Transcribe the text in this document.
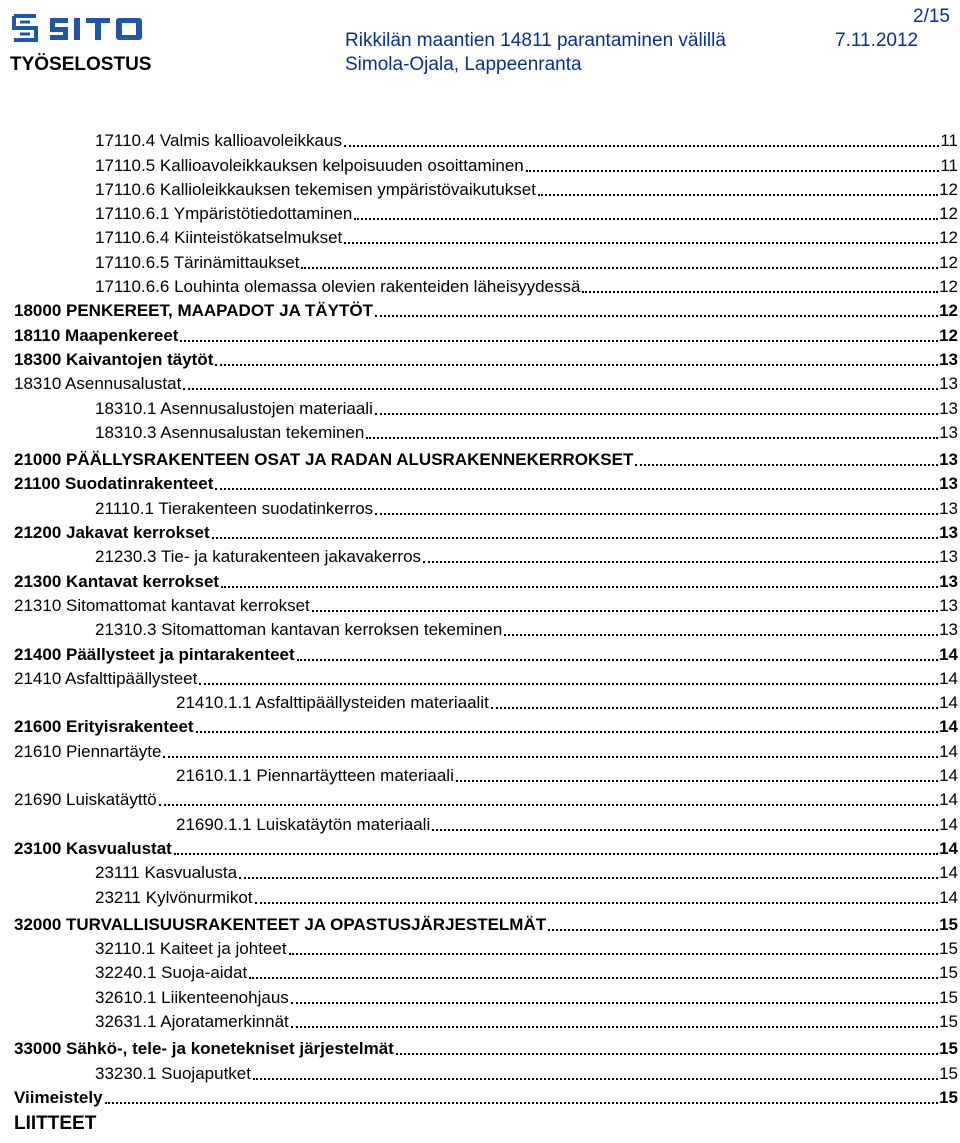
TYÖSELOSTUS
2/15
Rikkilän maantien 14811 parantaminen välillä	7.11.2012
Simola-Ojala, Lappeenranta
17110.4 Valmis kallioavoleikkaus	11
17110.5 Kallioavoleikkauksen kelpoisuuden osoittaminen	11
17110.6 Kallioleikkauksen tekemisen ympäristövaikutukset	12
17110.6.1 Ympäristötiedottaminen	12
17110.6.4 Kiinteistökatselmukset	12
17110.6.5 Tärinämittaukset	12
17110.6.6 Louhinta olemassa olevien rakenteiden läheisyydessä	12
18000 PENKEREET, MAAPADOT JA TÄYTÖT	12
18110 Maapenkereet	12
18300 Kaivantojen täytöt	13
18310 Asennusalustat	13
18310.1 Asennusalustojen materiaali	13
18310.3 Asennusalustan tekeminen	13
21000 PÄÄLLYSRAKENTEEN OSAT JA RADAN ALUSRAKENNEKERROKSET	13
21100 Suodatinrakenteet	13
21110.1 Tierakenteen suodatinkerros	13
21200 Jakavat kerrokset	13
21230.3 Tie- ja katurakenteen jakavakerros	13
21300 Kantavat kerrokset	13
21310 Sitomattomat kantavat kerrokset	13
21310.3 Sitomattoman kantavan kerroksen tekeminen	13
21400 Päällysteet ja pintarakenteet	14
21410 Asfalttipäällysteet	14
21410.1.1 Asfalttipäällysteiden materiaalit	14
21600 Erityisrakenteet	14
21610 Piennartäyte	14
21610.1.1 Piennartäytteen materiaali	14
21690 Luiskatäyttö	14
21690.1.1 Luiskatäytön materiaali	14
23100 Kasvualustat	14
23111 Kasvualusta	14
23211 Kylvönurmikot	14
32000 TURVALLISUUSRAKENTEET JA OPASTUSJÄRJESTELMÄT	15
32110.1 Kaiteet ja johteet	15
32240.1 Suoja-aidat	15
32610.1 Liikenteenohjaus	15
32631.1 Ajoratamerkinnät	15
33000 Sähkö-, tele- ja konetekniset järjestelmät	15
33230.1 Suojaputket	15
Viimeistely	15
LIITTEET
